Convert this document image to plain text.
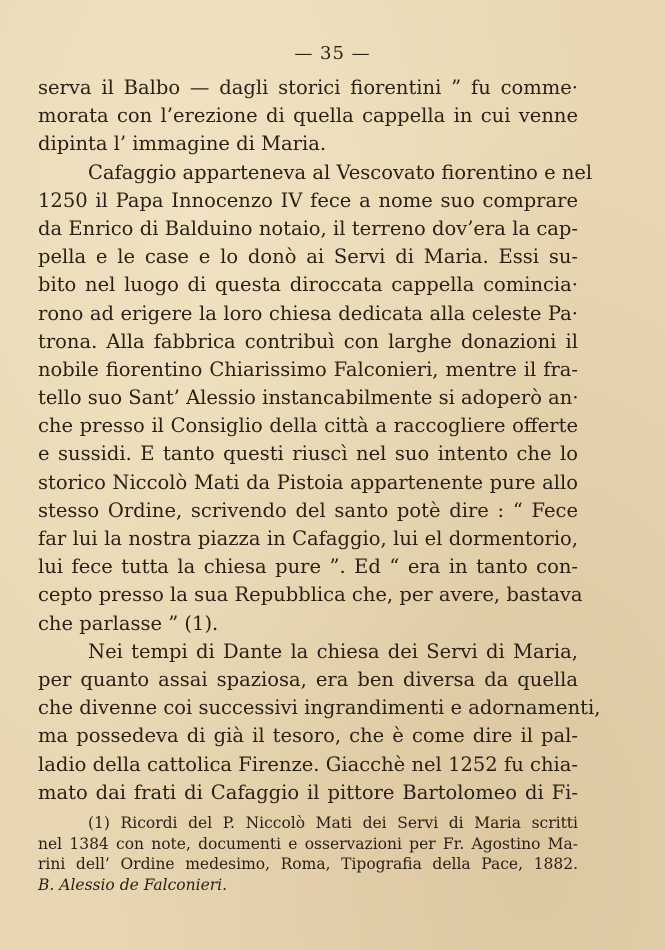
— 35 —
serva il Balbo — dagli storici fiorentini ” fu comme·
morata con l’erezione di quella cappella in cui venne
dipinta l’ immagine di Maria.
Cafaggio apparteneva al Vescovato fiorentino e nel
1250 il Papa Innocenzo IV fece a nome suo comprare
da Enrico di Balduino notaio, il terreno dov’era la cap-
pella e le case e lo donò ai Servi di Maria. Essi su-
bito nel luogo di questa diroccata cappella comincia·
rono ad erigere la loro chiesa dedicata alla celeste Pa·
trona. Alla fabbrica contribuì con larghe donazioni il
nobile fiorentino Chiarissimo Falconieri, mentre il fra-
tello suo Sant’ Alessio instancabilmente si adoperò an·
che presso il Consiglio della città a raccogliere offerte
e sussidi. E tanto questi riuscì nel suo intento che lo
storico Niccolò Mati da Pistoia appartenente pure allo
stesso Ordine, scrivendo del santo potè dire : “ Fece
far lui la nostra piazza in Cafaggio, lui el dormentorio,
lui fece tutta la chiesa pure ”. Ed “ era in tanto con-
cepto presso la sua Repubblica che, per avere, bastava
che parlasse ” (1).
Nei tempi di Dante la chiesa dei Servi di Maria,
per quanto assai spaziosa, era ben diversa da quella
che divenne coi successivi ingrandimenti e adornamenti,
ma possedeva di già il tesoro, che è come dire il pal-
ladio della cattolica Firenze. Giacchè nel 1252 fu chia-
mato dai frati di Cafaggio il pittore Bartolomeo di Fi-
(1) Ricordi del P. Niccolò Mati dei Servi di Maria scritti
nel 1384 con note, documenti e osservazioni per Fr. Agostino Ma-
rini dell’ Ordine medesimo, Roma, Tipografia della Pace, 1882.
B. Alessio de Falconieri.
